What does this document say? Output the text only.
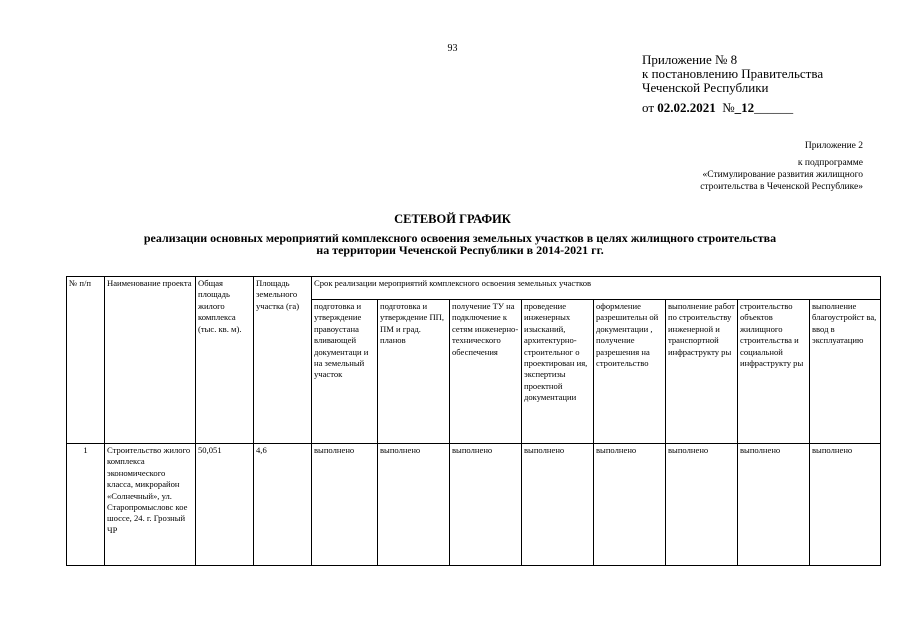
93
Приложение № 8
к постановлению Правительства
Чеченской Республики
от 02.02.2021 №_12______
Приложение 2
к подпрограмме
«Стимулирование развития жилищного
строительства в Чеченской Республике»
СЕТЕВОЙ ГРАФИК
реализации основных мероприятий комплексного освоения земельных участков в целях жилищного строительства
на территории Чеченской Республики в 2014-2021 гг.
№ п/п	Наименование проекта	Общая площадь жилого комплекса (тыс. кв. м).	Площадь земельного участка (га)	Срок реализации мероприятий комплексного освоения земельных участков							
				подготовка и утверждение правоустана вливающей документаци и на земельный участок	подготовка и утверждение ПП, ПМ и град. планов	получение ТУ на подключение к сетям инженерно-технического обеспечения	проведение инженерных изысканий, архитектурно-строительног о проектирован ия, экспертизы проектной документации	оформление разрешительн ой документации , получение разрешения на строительство	выполнение работ по строительству инженерной и транспортной инфраструкту ры	строительство объектов жилищного строительства и социальной инфраструкту ры	выполнение благоустройст ва, ввод в эксплуатацию
1	Строительство жилого комплекса экономического класса, микрорайон «Солнечный», ул. Старопромысловс кое шоссе, 24. г. Грозный ЧР	50,051	4,6	выполнено	выполнено	выполнено	выполнено	выполнено	выполнено	выполнено	выполнено
